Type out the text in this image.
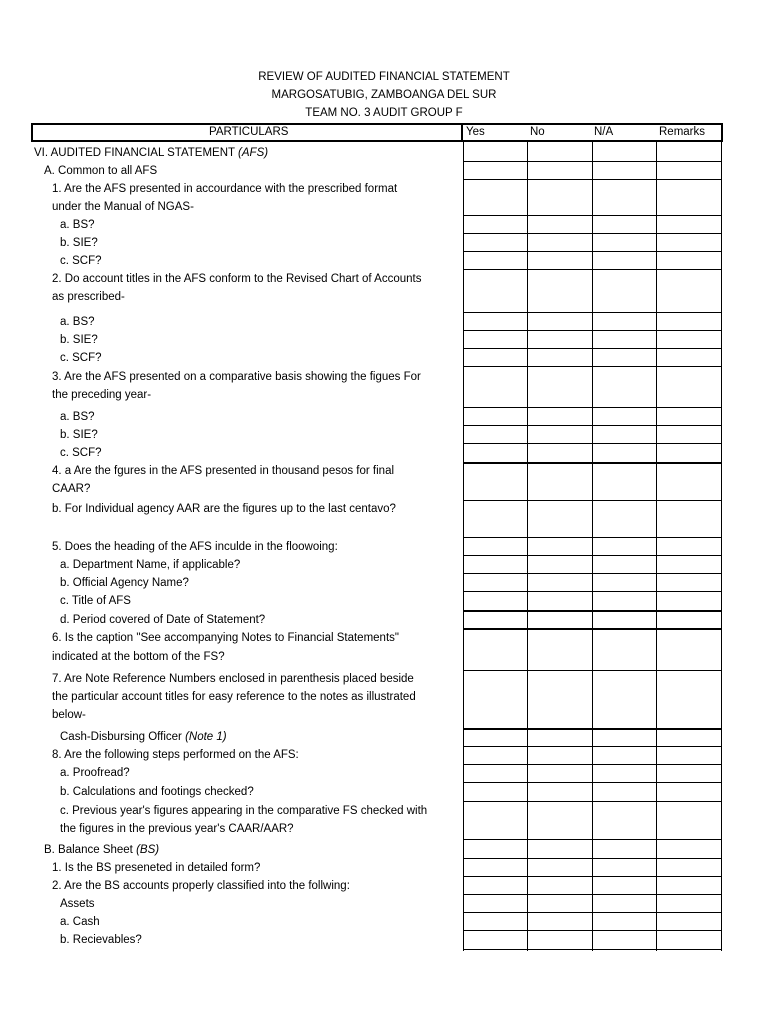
REVIEW OF AUDITED FINANCIAL STATEMENT
MARGOSATUBIG, ZAMBOANGA DEL SUR
TEAM NO. 3 AUDIT GROUP F
PARTICULARS	Yes	No	N/A	Remarks
VI. AUDITED FINANCIAL STATEMENT (AFS)
A. Common to all AFS
1. Are the AFS presented in accourdance with the prescribed format
under the Manual of NGAS-
a. BS?
b. SIE?
c. SCF?
2. Do account titles in the AFS conform to the Revised Chart of Accounts
as prescribed-
a. BS?
b. SIE?
c. SCF?
3. Are the AFS presented on a comparative basis showing the figues For
the preceding year-
a. BS?
b. SIE?
c. SCF?
4. a Are the fgures in the AFS presented in thousand pesos for final
CAAR?
b. For Individual agency AAR are the figures up to the last centavo?
5. Does the heading of the AFS inculde in the floowoing:
a. Department Name, if applicable?
b. Official Agency Name?
c. Title of AFS
d. Period covered of Date of Statement?
6. Is the caption "See accompanying Notes to Financial Statements"
indicated at the bottom of the FS?
7. Are Note Reference Numbers enclosed in parenthesis placed beside
the particular account titles for easy reference to the notes as illustrated
below-
Cash-Disbursing Officer (Note 1)
8. Are the following steps performed on the AFS:
a. Proofread?
b. Calculations and footings checked?
c. Previous year's figures appearing in the comparative FS checked with
the figures in the previous year's CAAR/AAR?
B. Balance Sheet (BS)
1. Is the BS preseneted in detailed form?
2. Are the BS accounts properly classified into the follwing:
Assets
a. Cash
b. Recievables?
